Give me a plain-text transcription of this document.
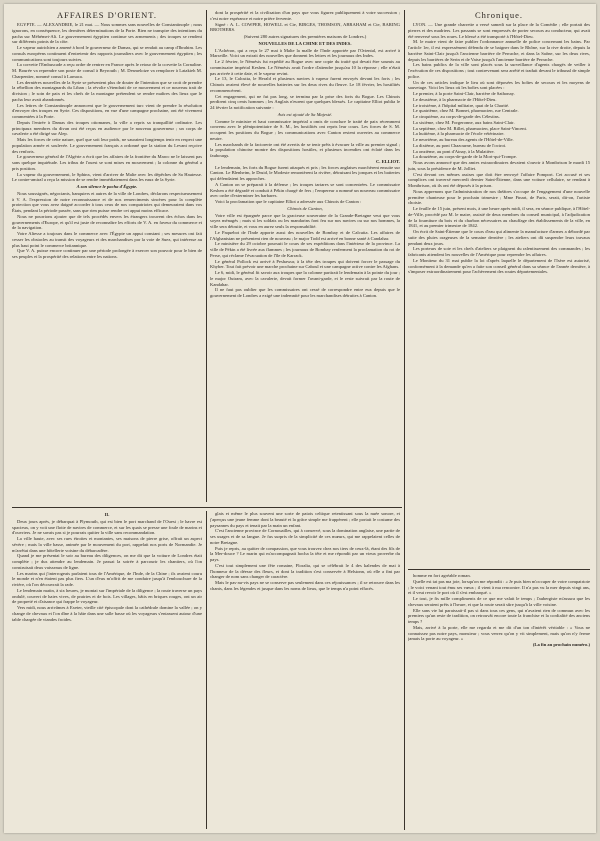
AFFAIRES D'ORIENT.

EGYPTE. — ALEXANDRIE, le 21 mai. — Nous sommes sans nouvelles de Constantinople ; nous ignorons, en conséquence, les dernières déterminations de la Porte. Rien ne transpire des intentions du pacha sur Méhémet-Ali. Le gouvernement égyptien continue ses armements ; des troupes se rendent sur différents points de la côte.

Le vapeur autrichien a amené à bord le gouverneur de Damas, qui se rendait au camp d'Ibrahim. Les consuls européens continuent d'entretenir des rapports journaliers avec le gouvernement égyptien ; les communications sont toujours suivies.

La corvette l'Embuscade a reçu ordre de rentrer en France après le retour de la corvette la Cornaline. M. Bourée va reprendre son poste de consul à Beyrouth ; M. Desmeloize va remplacer à Latakieh M. Charpentier, nommé consul à Larnaca.

Les dernières nouvelles de la Syrie se présentent plus de douter de l'intention que se croit de prendre la rébellion des montagnards du Liban ; la révolte s'étendrait de ce mouvement et ce nouveau trait de division ; le soin de paix et les chefs de la montagne prétendent se rendre maîtres des lieux que le pacha leur avait abandonnés.

Les lettres de Constantinople annoncent que le gouvernement turc vient de prendre la résolution d'envoyer des troupes en Syrie. Ces dispositions, en vue d'une campagne prochaine, ont été vivement commentées à la Porte.

Depuis l'entrée à Damas des troupes ottomanes, la ville a repris sa tranquillité ordinaire. Les principaux membres du divan ont été reçus en audience par le nouveau gouverneur ; un corps de cavalerie a été dirigé sur Alep.

Mais les forces de cette nature, quel que soit leur poids, ne sauraient longtemps tenir en respect une population armée et soulevée. Le gouvernement français a ordonné que la station du Levant reçoive des renforts.

Le gouverneur général de l'Algérie a écrit que les affaires de la frontière du Maroc ne le laissent pas sans quelque inquiétude. Les tribus de l'ouest se sont mises en mouvement ; la colonne du général a pris position.

La vapeur du gouvernement, le Sphinx, vient d'arriver de Malte avec les dépêches de Sa Hautesse. Le contre-amiral a reçu la mission de se rendre immédiatement dans les eaux de la Syrie.

A son silence le pacha d'Égypte.

Nous soussignés, négociants, banquiers et autres de la ville de Londres, déclarons respectueusement à V. A. l'expression de notre reconnaissance et de nos remerciments sincères pour la complète protection que vous avez daigné accorder à tous ceux de nos compatriotes qui demeuraient dans vos États, pendant la période passée, sans que rien puisse rendre cet appui moins efficace.

Nous ne pourrions ajouter que de tels procédés envers les étrangers trouvent des échos dans les gouvernements d'Europe, et qu'il est juste de reconnaître les efforts de V. A. en faveur du commerce et de la navigation.

Votre Altesse a toujours dans le commerce avec l'Égypte un appui constant ; ses mesures ont fait cesser les obstacles au transit des voyageurs et des marchandises par la voie de Suez, qui intéresse au plus haut point le commerce britannique.

Que V. A. puisse encore continuer par une période prolongée à exercer son pouvoir pour le bien de ses peuples et la prospérité des relations entre les nations.

dont la prospérité et la civilisation d'un pays que vous figurez publiquement à votre succession ; c'est notre espérance et notre prière fervente.

Signé : A. L. COWPER, HOWELL et Cie, BIRGES, THOMSON, ABRAHAM et Cie, BARING BROTHERS.

(Suivent 280 autres signatures des premières maisons de Londres.)

NOUVELLES DE LA CHINE ET DES INDES.

L'Achéron, qui a reçu le 27 mai à Malte la malle de l'Inde apportée par l'Oriental, est arrivé à Marseille. Voici un extrait des nouvelles que donnent les lettres et les journaux des Indes.

Le 2 février, le Némésis fut expédié au Bogue avec une copie du traité qui devait être soumis au commissaire impérial Keshen. Le Némésis avait l'ordre d'attendre jusqu'au 10 la réponse ; elle n'était pas arrivée à cette date, et le vapeur revint.

Le 13, le Calcutta, le Herald et plusieurs navires à vapeur furent envoyés devant les forts ; les Chinois avaient élevé de nouvelles batteries sur les deux rives du fleuve. Le 18 février, les hostilités recommencèrent.

Cet engagement, qui ne fut pas long, se termina par la prise des forts du Bogue. Les Chinois perdirent cinq cents hommes ; les Anglais n'eurent que quelques blessés. Le capitaine Elliot publia le 24 février la notification suivante :

Avis est ajouté de Sa Majesté.

Comme le ministre et haut commissaire impérial a omis de conclure le traité de paix récemment convenu avec le plénipotentiaire de S. M., les hostilités ont repris leur cours. Les forces de S. M. occupent les positions du Bogue ; les communications avec Canton restent ouvertes au commerce neutre.

Les marchands de la factorerie ont été avertis de se tenir prêts à évacuer la ville au premier signal ; la population chinoise montre des dispositions hostiles, et plusieurs incendies ont éclaté dans les faubourgs.

C. ELLIOT.

Le lendemain, les forts du Bogue furent attaqués et pris ; les forces anglaises marchèrent ensuite sur Canton. Le Blenheim, le Druid, le Modeste remontèrent la rivière, détruisant les jonques et les batteries qui défendaient les approches.

A Canton on se préparait à la défense ; les troupes tartares se sont concentrées. Le commissaire Keshen a été dégradé et conduit à Pékin chargé de fers ; l'empereur a nommé un nouveau commissaire avec ordre d'exterminer les barbares.

Voici la proclamation que le capitaine Elliot a adressée aux Chinois de Canton :

Chinois de Canton,

Votre ville est épargnée parce que la gracieuse souveraine de la Grande-Bretagne veut que vous soyez ménagés ; mais si les soldats ou les mandarins font feu sur nos navires ou sur nos hommes, la ville sera détruite, et vous en aurez seuls la responsabilité.

Le Paquebot de l'Inde apporte aussi des nouvelles de Bombay et de Calcutta. Les affaires de l'Afghanistan ne présentent rien de nouveau ; le major Todd est arrivé en bonne santé à Candahar.

Le ministère du 29 octobre poursuit le cours de ses expéditions dans l'intérieur de la province. La ville de Pékin a été livrée aux flammes ; les journaux de Bombay renferment la proclamation du roi de Perse, qui réclame l'évacuation de l'île de Karrack.

Le général Pollock est arrivé à Peshawur, à la tête des troupes qui doivent forcer le passage du Khyber. Tout fait prévoir une marche prochaine sur Caboul et une campagne active contre les Afghans.

Le 6, midi, le général fit savoir aux troupes que la colonne partirait le lendemain à la pointe du jour ; le major Outram, avec la cavalerie, devait former l'avant-garde, et le reste suivrait par la route de Kandahar.

Il ne faut pas oublier que les commissaires ont cessé de correspondre entre eux depuis que le gouvernement de Londres a exigé une indemnité pour les marchandises détruites à Canton.

Chronique.

LYON. — Une grande charrette a versé samedi sur la place de la Comédie ; elle portait des pierres et des madriers. Les passants se sont empressés de porter secours au conducteur, qui avait été renversé sous les roues. Le blessé a été transporté à l'Hôtel-Dieu.

M. le maire vient de faire publier l'ordonnance annuelle de police concernant les bains. Par l'article 1er, il est expressément défendu de se baigner dans le Rhône, sur la rive droite, depuis la barrière Saint-Clair jusqu'à l'ancienne barrière de Perrache, et dans la Saône, sur les deux rives, depuis les barrières de Serin et de Vaise jusqu'à l'ancienne barrière de Perrache.

Les bains publics de la ville sont placés sous la surveillance d'agents chargés de veiller à l'exécution de ces dispositions ; tout contrevenant sera arrêté et traduit devant le tribunal de simple police.

Un de ces articles indique le lieu où sont déposées les boîtes de secours et les moyens de sauvetage. Voici les lieux où les boîtes sont placées :

Le premier, à la porte Saint-Clair, barrière de Sathonay.

Le deuxième, à la pharmacie de l'Hôtel-Dieu.

Le troisième, à l'hôpital militaire, quai de la Charité.

Le quatrième, chez M. Bonnet, pharmacien, rue Centrale.

Le cinquième, au corps-de-garde des Célestins.

La sixième, chez M. Forgeronne, aux bains Saint-Clair.

La septième, chez M. Rillet, pharmacien, place Saint-Vincent.

La huitième, à la pharmacie de l'école vétérinaire.

Le neuvième, au bureau des agents de l'Hôtel-de-Ville.

La dixième, au pont Chazourne, bureau de l'octroi.

La onzième, au pont d'Ainay, à la Mulatière.

La douzième, au corps-de-garde de la Mort-qui-Trompe.

Nous avons annoncé que des amies extraordinaires devaient s'ouvrir à Montbrison le mardi 15 juin, sous la présidence de M. Jolliet.

C'est devant ces mêmes assises que doit être renvoyé l'affaire Pomport. Cet accusé et ses complices ont traversé mercredi dernier Saint-Étienne, dans une voiture cellulaire, se rendant à Montbrison, où ils ont été déposés à la prison.

Nous apprenons que l'administration de nos théâtres s'occupe de l'engagement d'une nouvelle première chanteuse pour le prochain trimestre ; Mme Finart, de Paris, serait, dit-on, l'artiste choisie.

Le feuille de 15 juin, présent mois, à une heure après midi, il sera, en séance publique, à l'Hôtel-de-Ville, procédé par M. le maire, assisté de deux membres du conseil municipal, à l'adjudication de la fourniture du bois et du charbon nécessaires au chauffage des établissements de la ville, en 1841, et au premier trimestre de 1842.

On écrit de Saint-Étienne que le cours d'eau qui alimente la manufacture d'armes a débordé par suite des pluies orageuses de la semaine dernière ; les ateliers ont dû suspendre leurs travaux pendant deux jours.

Les porteurs de soie et les chefs d'ateliers se plaignent du ralentissement des commandes ; les fabricants attendent les nouvelles de l'Amérique pour reprendre les affaires.

Le Moniteur du 31 mai publie la loi d'après laquelle le département de l'Isère est autorisé, conformément à la demande qu'en a faite son conseil général dans sa séance de l'année dernière, à s'imposer extraordinairement pour l'achèvement des routes départementales.

II.

Deux jours après, je débarquai à Plymouth, qui est bien le port marchand de l'Ouest ; le havre est spacieux, on y voit une flotte de navires de commerce, et sur les quais se presse une foule de marins et d'ouvriers. Je ne savais pas si je pourrais quitter la ville sans recommandation.

La ville haute, avec ses rues étroites et montantes, ses maisons de pierre grise, offrait un aspect sévère ; mais la ville basse, animée par le mouvement du port, rappelait nos ports de Normandie. Je m'arrêtai dans une hôtellerie voisine du débarcadère.

Quand je me présentai le soir au bureau des diligences, on me dit que la voiture de Londres était complète ; je dus attendre au lendemain. Je passai la soirée à parcourir les chantiers, où l'on construisait deux vaisseaux de ligne.

Les marins qui j'interrogeais parlaient tous de l'Amérique, de l'Inde, de la Chine ; ils avaient couru le monde et n'en étaient pas plus fiers. L'un d'eux m'offrit de me conduire jusqu'à l'embouchure de la rivière, où l'on découvrait la rade.

Le lendemain matin, à six heures, je montai sur l'impériale de la diligence ; la route traverse un pays ondulé, couvert de haies vives, de prairies et de bois. Les villages, bâtis en briques rouges, ont un air de propreté et d'aisance qui frappe le voyageur.

Vers midi, nous arrivâmes à Exeter, vieille cité épiscopale dont la cathédrale domine la vallée ; on y change de chevaux et l'on dîne à la hâte dans une salle basse où les voyageurs s'entassent autour d'une table chargée de viandes froides.

glais et même le plus souvent une sorte de patois celtique retentissant sous la nuée sonore, et j'aperçus une jeune femme dont la beauté et la grâce simple me frappèrent ; elle portait le costume des paysannes du pays et tenait par la main un enfant.

C'est l'ancienne province de Cornouailles, qui à conservé, sous la domination anglaise, une partie de ses usages et de sa langue. Je fus surpris de la simplicité de ces mœurs, qui me rappelaient celles de notre Bretagne.

Puis je repris, au quitter de compassion, que vous trouvez chez nos tiers de ceux-là, étant des fils de la Mer-douce ? Le marin qui m'accompagnait hocha la tête et me répondit par un vieux proverbe du pays.

C'est tout simplement une fête romaine, Floralia, qui se célébrait le 4 des kalendes de mai à l'honneur de la déesse des fleurs, et dont la tradition s'est conservée à Helstonn, où elle a fini par changer de nom sans changer de caractère.

Mais le pas-au-vis pays ne se conserve pas seulement dans ces réjouissances ; il se retrouve dans les chants, dans les légendes et jusque dans les noms de lieux, que le temps n'a point effacés.

homme en fort agréable roman.

Quelle est tat pas ma joie, lorsqu'on me répondit : « Je puis bien m'occuper de votre compatriote ; le voici venant tout ému ses vœux ; il vient à ma rencontre. Il n'a pas vu la mer depuis vingt ans, et il veut revoir le port où il s'est embarqué. »

Le tout, je fis mille compliments de ce que me valait le temps ; l'aubergiste m'assura que les chevaux seraient prêts à l'heure, et que la route serait sûre jusqu'à la ville voisine.

Elle sans vie lui paraissait-il pas si dans tous ces gens, qui n'avaient rien de commun avec les premiers qu'un reste de tradition, on retrouvât encore toute la franchise et la cordialité des anciens temps ?

Mais, arrivé à la porte, elle me regarda et me dit d'un ton d'intérêt véritable : « Vous ne connaissez pas notre pays, monsieur ; vous verrez qu'on y vit simplement, mais qu'on n'y ferme jamais la porte au voyageur. »

(La fin au prochain numéro.)
